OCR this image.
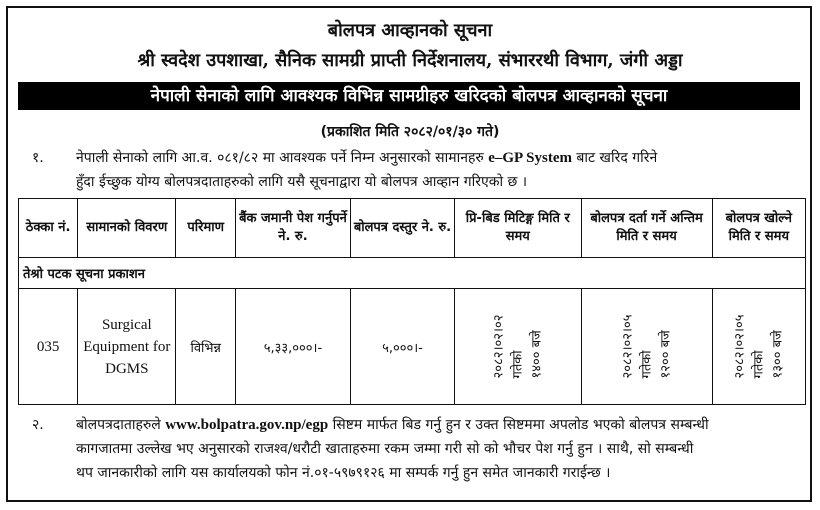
बोलपत्र आव्हानको सूचना
श्री स्वदेश उपशाखा, सैनिक सामग्री प्राप्ती निर्देशनालय, संभाररथी विभाग, जंगी अड्डा
नेपाली सेनाको लागि आवश्यक विभिन्न सामग्रीहरु खरिदको बोलपत्र आव्हानको सूचना
(प्रकाशित मिति २०८२/०१/३० गते)
१. नेपाली सेनाको लागि आ.व. ०८१/८२ मा आवश्यक पर्ने निम्न अनुसारको सामानहरु e–GP System बाट खरिद गरिने
हुँदा ईच्छुक योग्य बोलपत्रदाताहरुको लागि यसै सूचनाद्वारा यो बोलपत्र आव्हान गरिएको छ ।
ठेक्का नं.	सामानको विवरण	परिमाण	बैंक जमानी पेश गर्नुपर्ने ने. रु.	बोलपत्र दस्तुर ने. रु.	प्रि-बिड मिटिङ्ग मिति र समय	बोलपत्र दर्ता गर्ने अन्तिम मिति र समय	बोलपत्र खोल्ने मिति र समय
तेश्रो पटक सूचना प्रकाशन							
035	Surgical Equipment for DGMS	विभिन्न	५,३३,०००।-	५,०००।-	२०८२।०२।०२ गतेको १४०० बजे	२०८२।०२।०५ गतेको १२०० बजे	२०८२।०२।०५ गतेको १३०० बजे
२. बोलपत्रदाताहरुले www.bolpatra.gov.np/egp सिष्टम मार्फत बिड गर्नु हुन र उक्त सिष्टममा अपलोड भएको बोलपत्र सम्बन्धी
कागजातमा उल्लेख भए अनुसारको राजश्व/धरौटी खाताहरुमा रकम जम्मा गरी सो को भौचर पेश गर्नु हुन । साथै, सो सम्बन्धी
थप जानकारीको लागि यस कार्यालयको फोन नं.०१-५९७९१२६ मा सम्पर्क गर्नु हुन समेत जानकारी गराईन्छ ।
